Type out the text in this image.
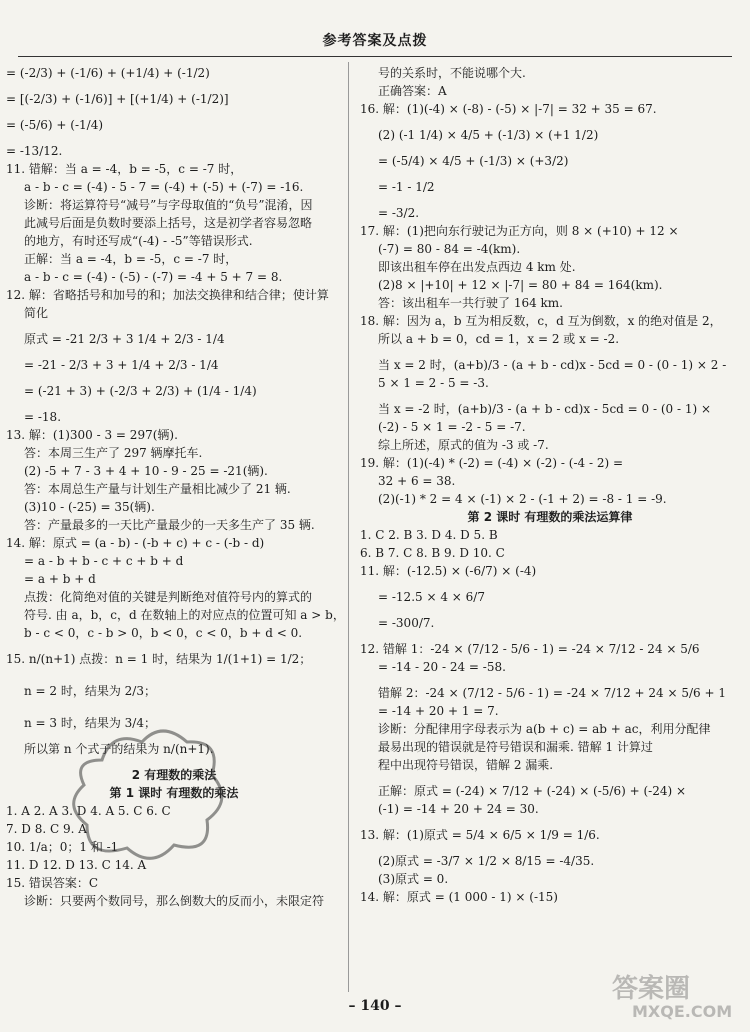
参考答案及点拨
= (-2/3) + (-1/6) + (+1/4) + (-1/2)
= [(-2/3) + (-1/6)] + [(+1/4) + (-1/2)]
= (-5/6) + (-1/4)
= -13/12.
11. 错解：当 a = -4，b = -5，c = -7 时，
a - b - c = (-4) - 5 - 7 = (-4) + (-5) + (-7) = -16.
诊断：将运算符号“减号”与字母取值的“负号”混淆，因
此减号后面是负数时要添上括号，这是初学者容易忽略
的地方，有时还写成“(-4) - -5”等错误形式.
正解：当 a = -4，b = -5，c = -7 时，
a - b - c = (-4) - (-5) - (-7) = -4 + 5 + 7 = 8.
12. 解：省略括号和加号的和；加法交换律和结合律；使计算
简化
原式 = -21 2/3 + 3 1/4 + 2/3 - 1/4
= -21 - 2/3 + 3 + 1/4 + 2/3 - 1/4
= (-21 + 3) + (-2/3 + 2/3) + (1/4 - 1/4)
= -18.
13. 解：(1)300 - 3 = 297(辆).
答：本周三生产了 297 辆摩托车.
(2) -5 + 7 - 3 + 4 + 10 - 9 - 25 = -21(辆).
答：本周总生产量与计划生产量相比减少了 21 辆.
(3)10 - (-25) = 35(辆).
答：产量最多的一天比产量最少的一天多生产了 35 辆.
14. 解：原式 = (a - b) - (-b + c) + c - (-b - d)
= a - b + b - c + c + b + d
= a + b + d
点拨：化简绝对值的关键是判断绝对值符号内的算式的
符号. 由 a，b，c，d 在数轴上的对应点的位置可知 a > b，
b - c < 0，c - b > 0，b < 0，c < 0，b + d < 0.
15. n/(n+1) 点拨：n = 1 时，结果为 1/(1+1) = 1/2；
n = 2 时，结果为 2/3；
n = 3 时，结果为 3/4；
所以第 n 个式子的结果为 n/(n+1).
2 有理数的乘法
第 1 课时 有理数的乘法
1. A 2. A 3. D 4. A 5. C 6. C
7. D 8. C 9. A
10. 1/a；0；1 和 -1
11. D 12. D 13. C 14. A
15. 错误答案：C
诊断：只要两个数同号，那么倒数大的反而小，未限定符
号的关系时，不能说哪个大.
正确答案：A
16. 解：(1)(-4) × (-8) - (-5) × |-7| = 32 + 35 = 67.
(2) (-1 1/4) × 4/5 + (-1/3) × (+1 1/2)
= (-5/4) × 4/5 + (-1/3) × (+3/2)
= -1 - 1/2
= -3/2.
17. 解：(1)把向东行驶记为正方向，则 8 × (+10) + 12 ×
(-7) = 80 - 84 = -4(km).
即该出租车停在出发点西边 4 km 处.
(2)8 × |+10| + 12 × |-7| = 80 + 84 = 164(km).
答：该出租车一共行驶了 164 km.
18. 解：因为 a，b 互为相反数，c，d 互为倒数，x 的绝对值是 2，
所以 a + b = 0，cd = 1，x = 2 或 x = -2.
当 x = 2 时，(a+b)/3 - (a + b - cd)x - 5cd = 0 - (0 - 1) × 2 -
5 × 1 = 2 - 5 = -3.
当 x = -2 时，(a+b)/3 - (a + b - cd)x - 5cd = 0 - (0 - 1) ×
(-2) - 5 × 1 = -2 - 5 = -7.
综上所述，原式的值为 -3 或 -7.
19. 解：(1)(-4) * (-2) = (-4) × (-2) - (-4 - 2) =
32 + 6 = 38.
(2)(-1) * 2 = 4 × (-1) × 2 - (-1 + 2) = -8 - 1 = -9.
第 2 课时 有理数的乘法运算律
1. C 2. B 3. D 4. D 5. B
6. B 7. C 8. B 9. D 10. C
11. 解：(-12.5) × (-6/7) × (-4)
= -12.5 × 4 × 6/7
= -300/7.
12. 错解 1：-24 × (7/12 - 5/6 - 1) = -24 × 7/12 - 24 × 5/6
= -14 - 20 - 24 = -58.
错解 2：-24 × (7/12 - 5/6 - 1) = -24 × 7/12 + 24 × 5/6 + 1
= -14 + 20 + 1 = 7.
诊断：分配律用字母表示为 a(b + c) = ab + ac，利用分配律
最易出现的错误就是符号错误和漏乘. 错解 1 计算过
程中出现符号错误，错解 2 漏乘.
正解：原式 = (-24) × 7/12 + (-24) × (-5/6) + (-24) ×
(-1) = -14 + 20 + 24 = 30.
13. 解：(1)原式 = 5/4 × 6/5 × 1/9 = 1/6.
(2)原式 = -3/7 × 1/2 × 8/15 = -4/35.
(3)原式 = 0.
14. 解：原式 = (1 000 - 1) × (-15)
– 140 –
答案圈
MXQE.COM
